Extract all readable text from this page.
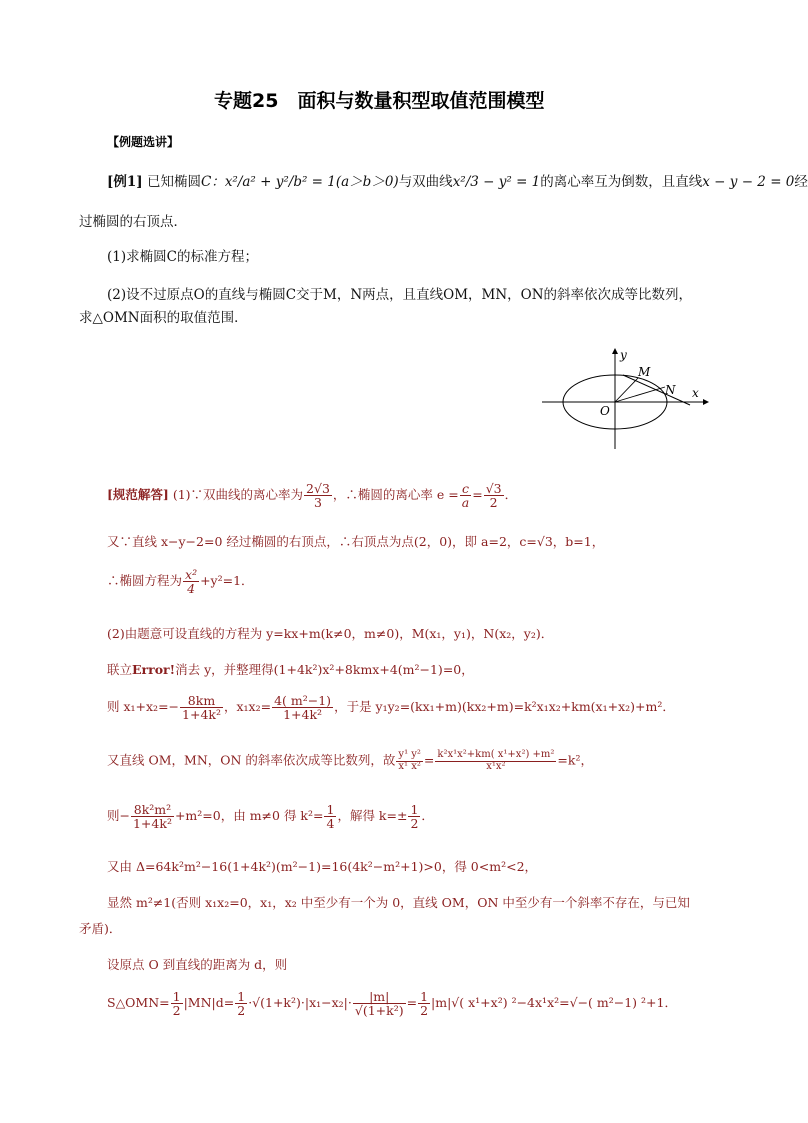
专题25　面积与数量积型取值范围模型
【例题选讲】
[例1] 已知椭圆C：x²/a² + y²/b² = 1(a＞b＞0)与双曲线x²/3 − y² = 1的离心率互为倒数，且直线x − y − 2 = 0经
过椭圆的右顶点．
(1)求椭圆C的标准方程；
(2)设不过原点O的直线与椭圆C交于M，N两点，且直线OM，MN，ON的斜率依次成等比数列，
求△OMN面积的取值范围．
y
x
O
M
N
[规范解答] (1)∵双曲线的离心率为 $\frac{2√3}{3}$ ，∴椭圆的离心率 $e = \frac{c}{a} = \frac{√3}{2}$ ．
又∵直线 x−y−2=0 经过椭圆的右顶点，∴右顶点为点(2，0)，即 a=2，c=√3，b=1，
∴椭圆方程为 $\frac{\text{x²}}{4} +y^2=1$．
(2)由题意可设直线的方程为 y=kx+m(k≠0，m≠0)，M(x₁，y₁)，N(x₂，y₂)．
联立Error!消去 y，并整理得(1+4k²)x²+8kmx+4(m²−1)=0，
则 $x_1+x_2=- \frac{8km}{\text{1+4k²}}$ ，$x_1x_2= \frac{\text{4( m²−1)}}{\text{1+4k²}}$ ，于是 y₁y₂=(kx₁+m)(kx₂+m)=k²x₁x₂+km(x₁+x₂)+m²．
又直线 OM，MN，ON 的斜率依次成等比数列，故 $\frac{\text{y¹ y²}}{\text{x¹ x²}} = \frac{\text{k²x¹x²+km( x¹+x²) +m²}}{\text{x¹x²}} =k^2$，
则− $\frac{\text{8k²m²}}{\text{1+4k²}} +m^2=0$，由 m≠0 得 $k^2= \frac{1}{4}$ ，解得 $k=\pm \frac{1}{2}$ ．
又由 Δ=64k²m²−16(1+4k²)(m²−1)=16(4k²−m²+1)>0，得 0<m²<2，
显然 m²≠1(否则 x₁x₂=0，x₁，x₂ 中至少有一个为 0，直线 OM，ON 中至少有一个斜率不存在，与已知
矛盾)．
设原点 O 到直线的距离为 d，则
S△OMN= $\frac{1}{2} |MN|d= \frac{1}{2} \cdot√(1+k^2)\cdot|x_1-x_2|\cdot \frac{|m|}{\text{√(1+k²)}} = \frac{1}{2} |m|√$( x¹+x²) ²−4x¹x²=√−( m²−1) ²+1．
